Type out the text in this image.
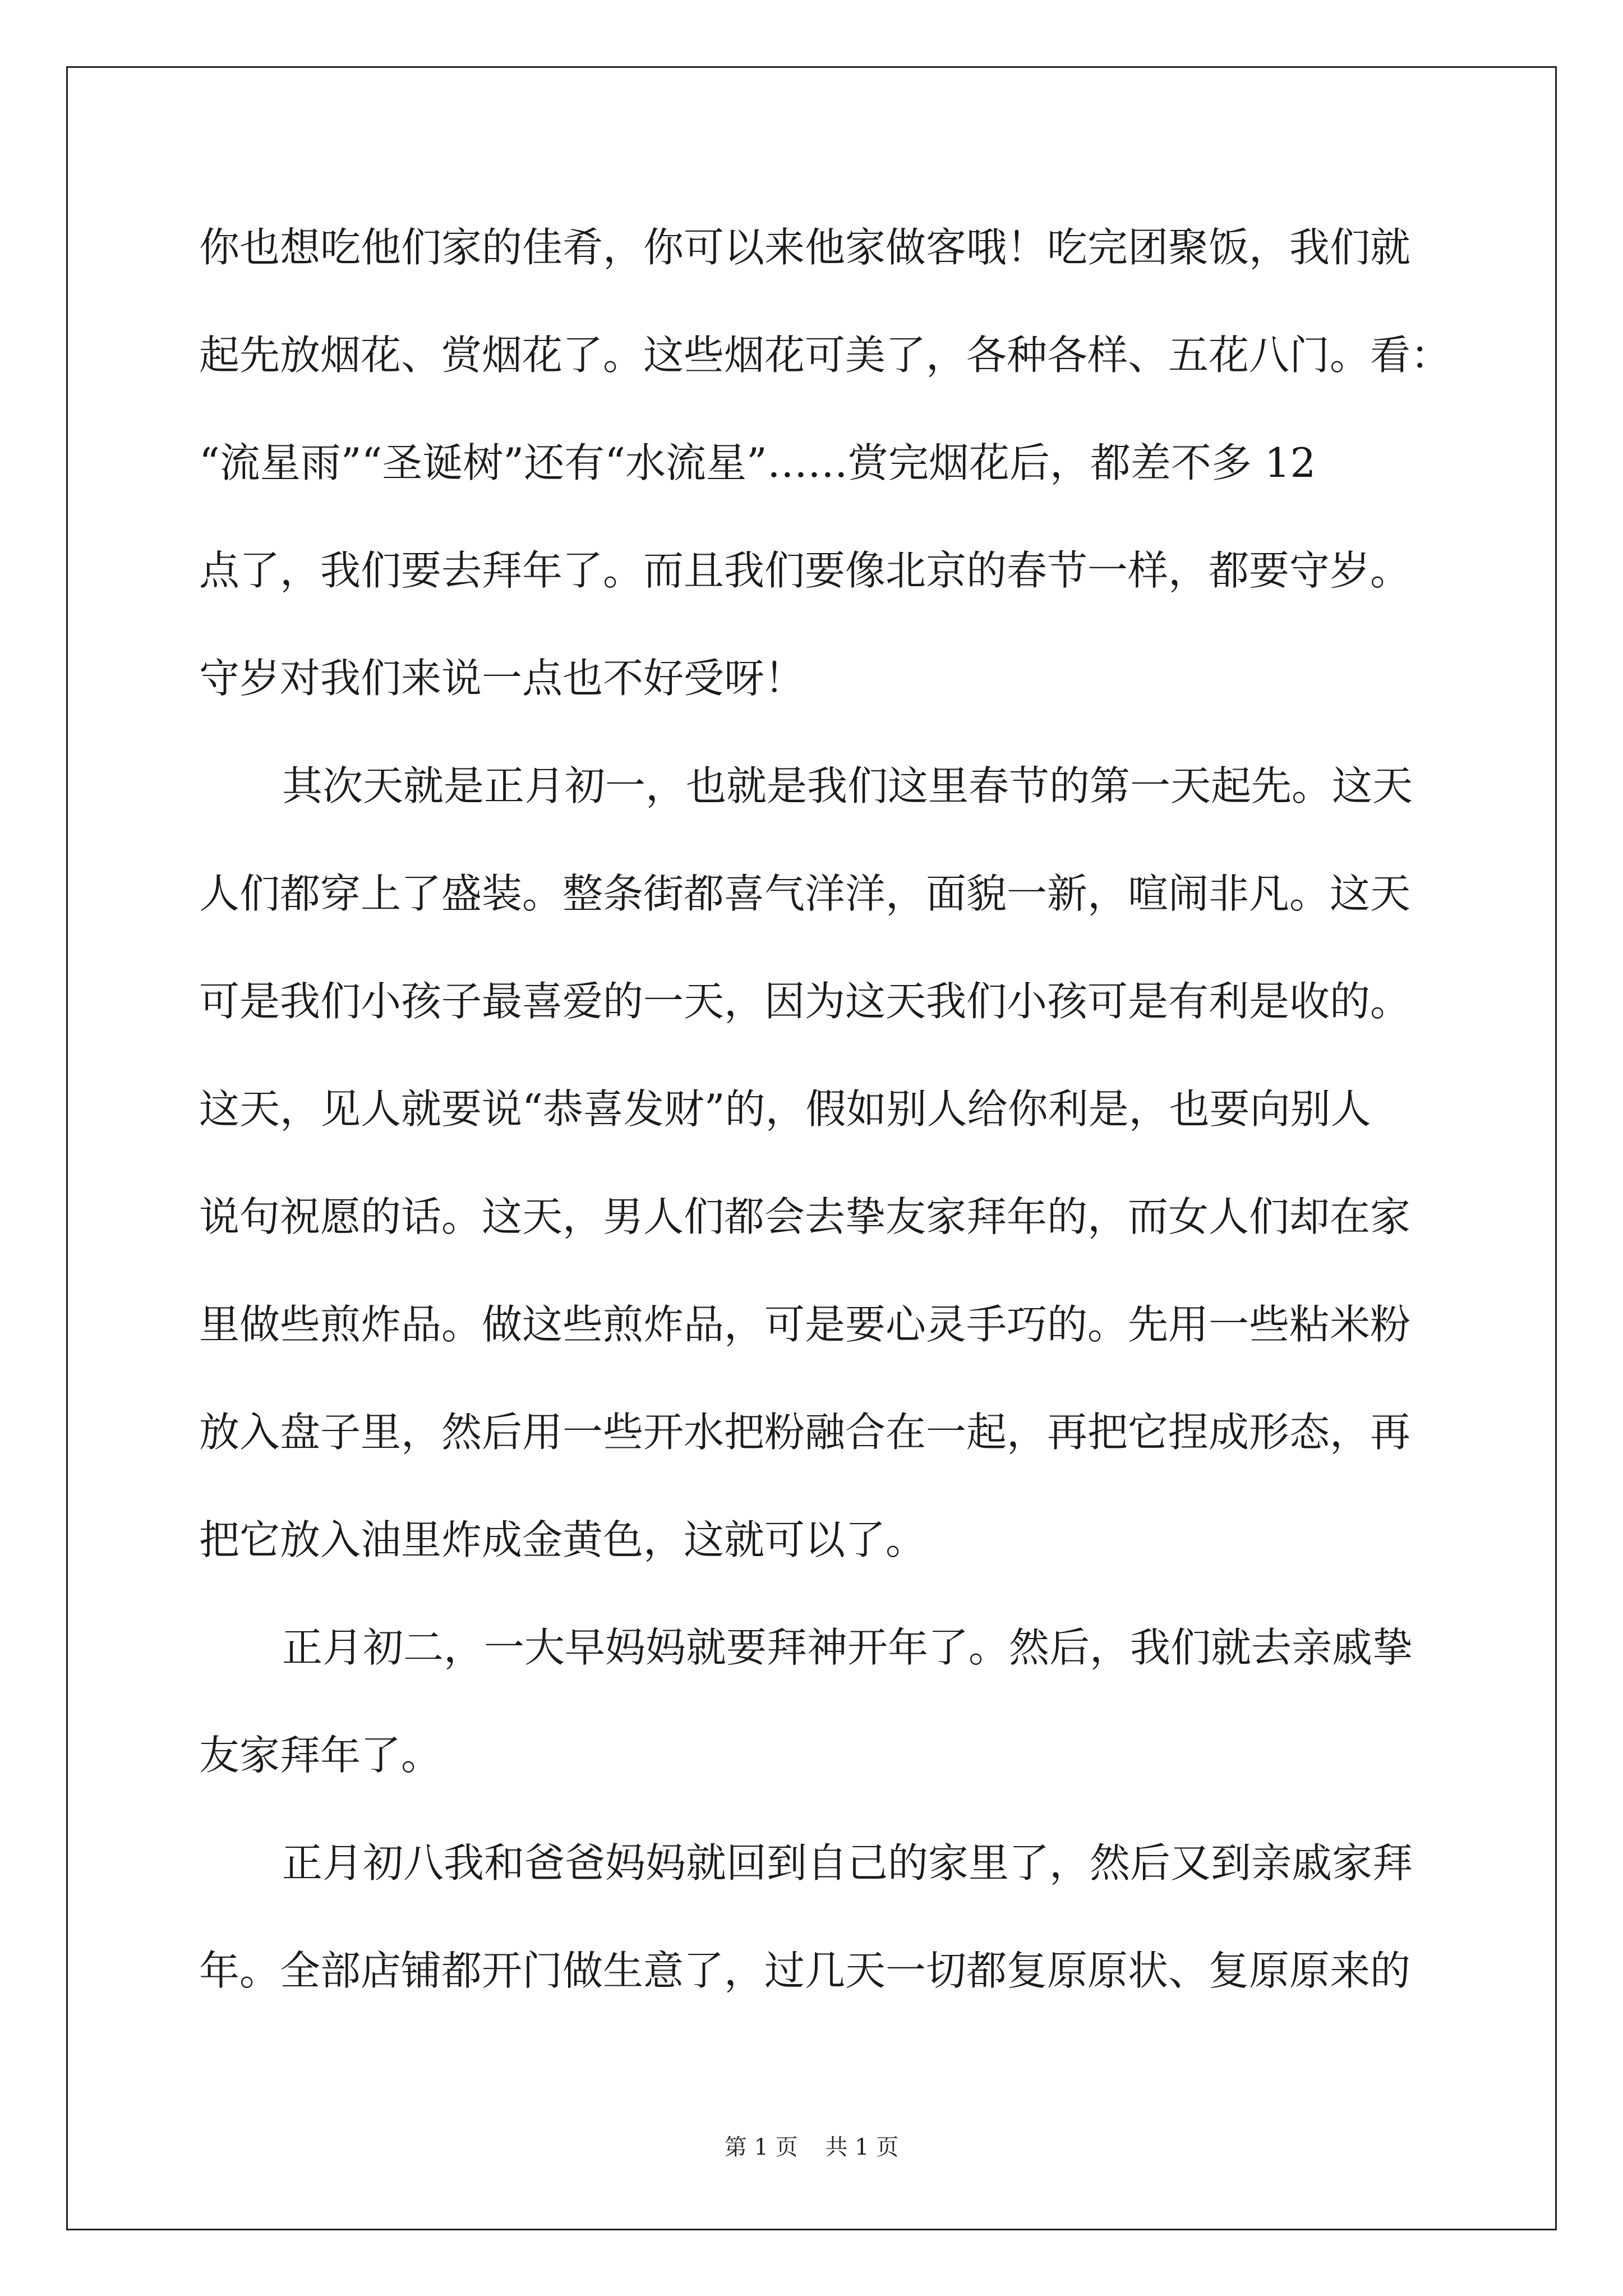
你也想吃他们家的佳肴，你可以来他家做客哦！吃完团聚饭，我们就
起先放烟花、赏烟花了。这些烟花可美了，各种各样、五花八门。看：
“流星雨”“圣诞树”还有“水流星”……赏完烟花后，都差不多 12
点了，我们要去拜年了。而且我们要像北京的春节一样，都要守岁。
守岁对我们来说一点也不好受呀！
其次天就是正月初一，也就是我们这里春节的第一天起先。这天
人们都穿上了盛装。整条街都喜气洋洋，面貌一新，喧闹非凡。这天
可是我们小孩子最喜爱的一天，因为这天我们小孩可是有利是收的。
这天，见人就要说“恭喜发财”的，假如别人给你利是，也要向别人
说句祝愿的话。这天，男人们都会去挚友家拜年的，而女人们却在家
里做些煎炸品。做这些煎炸品，可是要心灵手巧的。先用一些粘米粉
放入盘子里，然后用一些开水把粉融合在一起，再把它捏成形态，再
把它放入油里炸成金黄色，这就可以了。
正月初二，一大早妈妈就要拜神开年了。然后，我们就去亲戚挚
友家拜年了。
正月初八我和爸爸妈妈就回到自己的家里了，然后又到亲戚家拜
年。全部店铺都开门做生意了，过几天一切都复原原状、复原原来的
第 1 页 共 1 页
